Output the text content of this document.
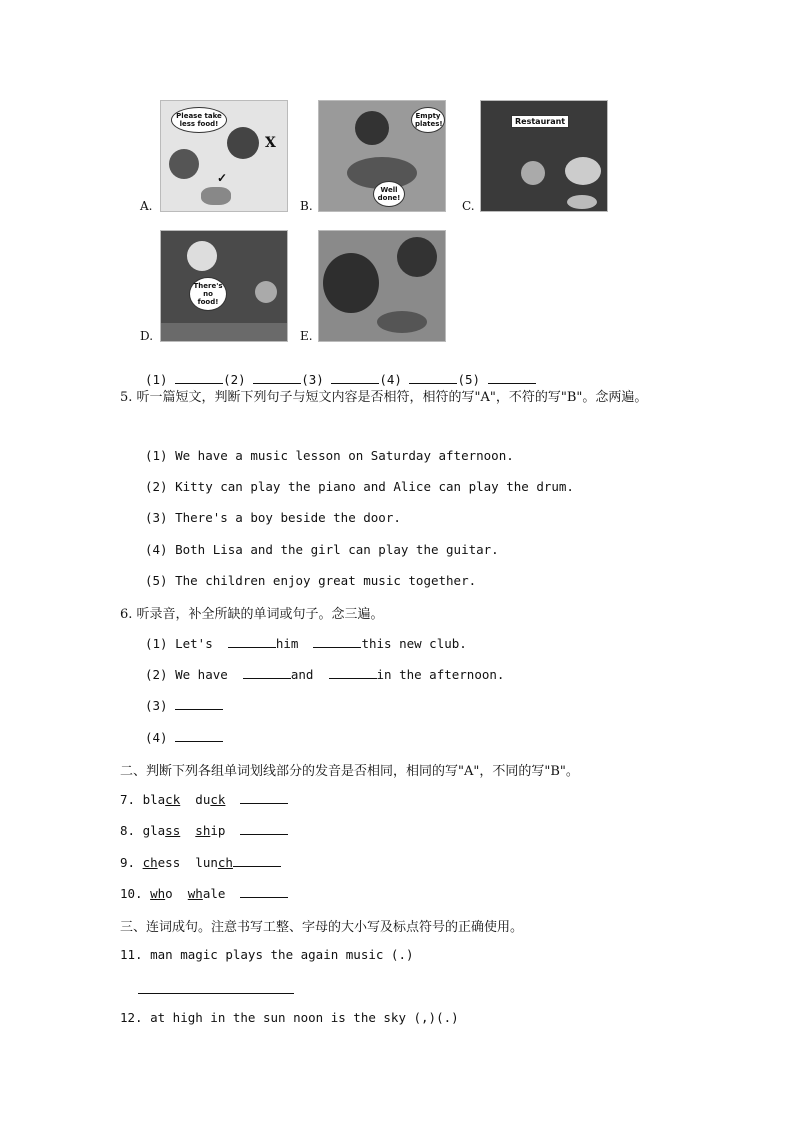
Please take less food!
X
✓
A.
Empty plates!
Well done!
B.
Restaurant
C.
There's no food!
D.	E.

(1)	(2)	(3)	(4)	(5)
5. 听一篇短文，判断下列句子与短文内容是否相符，相符的写"A"，不符的写"B"。念两遍。
(1) We have a music lesson on Saturday afternoon.
(2) Kitty can play the piano and Alice can play the drum.
(3) There's a boy beside the door.
(4) Both Lisa and the girl can play the guitar.
(5) The children enjoy great music together.
6. 听录音，补全所缺的单词或句子。念三遍。
(1) Let's	him	this new club.
(2) We have	and	in the afternoon.
(3)
(4)
二、判断下列各组单词划线部分的发音是否相同，相同的写"A"，不同的写"B"。
7. black duck
8. glass ship
9. chess lunch
10. who whale
三、连词成句。注意书写工整、字母的大小写及标点符号的正确使用。
11. man magic plays the again music (.)
12. at high in the sun noon is the sky (,)(.)
